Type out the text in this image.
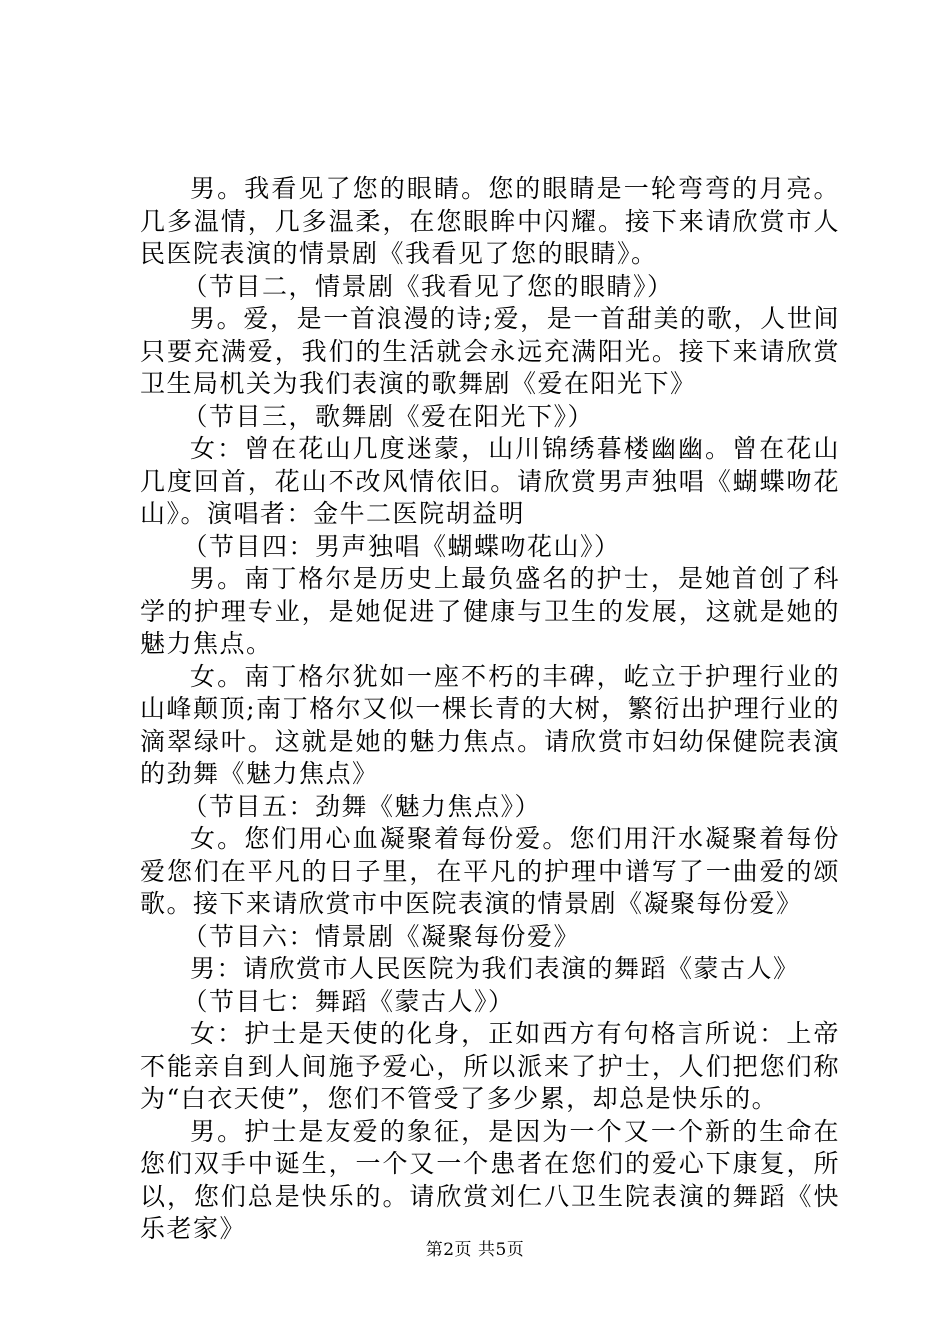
男。我看见了您的眼睛。您的眼睛是一轮弯弯的月亮。几多温情，几多温柔，在您眼眸中闪耀。接下来请欣赏市人民医院表演的情景剧《我看见了您的眼睛》。

（节目二，情景剧《我看见了您的眼睛》）

男。爱，是一首浪漫的诗;爱，是一首甜美的歌，人世间只要充满爱，我们的生活就会永远充满阳光。接下来请欣赏卫生局机关为我们表演的歌舞剧《爱在阳光下》

（节目三，歌舞剧《爱在阳光下》）

女：曾在花山几度迷蒙，山川锦绣暮楼幽幽。曾在花山几度回首，花山不改风情依旧。请欣赏男声独唱《蝴蝶吻花山》。演唱者：金牛二医院胡益明

（节目四：男声独唱《蝴蝶吻花山》）

男。南丁格尔是历史上最负盛名的护士，是她首创了科学的护理专业，是她促进了健康与卫生的发展，这就是她的魅力焦点。

女。南丁格尔犹如一座不朽的丰碑，屹立于护理行业的山峰颠顶;南丁格尔又似一棵长青的大树，繁衍出护理行业的滴翠绿叶。这就是她的魅力焦点。请欣赏市妇幼保健院表演的劲舞《魅力焦点》

（节目五：劲舞《魅力焦点》）

女。您们用心血凝聚着每份爱。您们用汗水凝聚着每份爱您们在平凡的日子里，在平凡的护理中谱写了一曲爱的颂歌。接下来请欣赏市中医院表演的情景剧《凝聚每份爱》

（节目六：情景剧《凝聚每份爱》

男：请欣赏市人民医院为我们表演的舞蹈《蒙古人》

（节目七：舞蹈《蒙古人》）

女：护士是天使的化身，正如西方有句格言所说：上帝不能亲自到人间施予爱心，所以派来了护士，人们把您们称为“白衣天使”，您们不管受了多少累，却总是快乐的。

男。护士是友爱的象征，是因为一个又一个新的生命在您们双手中诞生，一个又一个患者在您们的爱心下康复，所以，您们总是快乐的。请欣赏刘仁八卫生院表演的舞蹈《快乐老家》

第2页 共5页
